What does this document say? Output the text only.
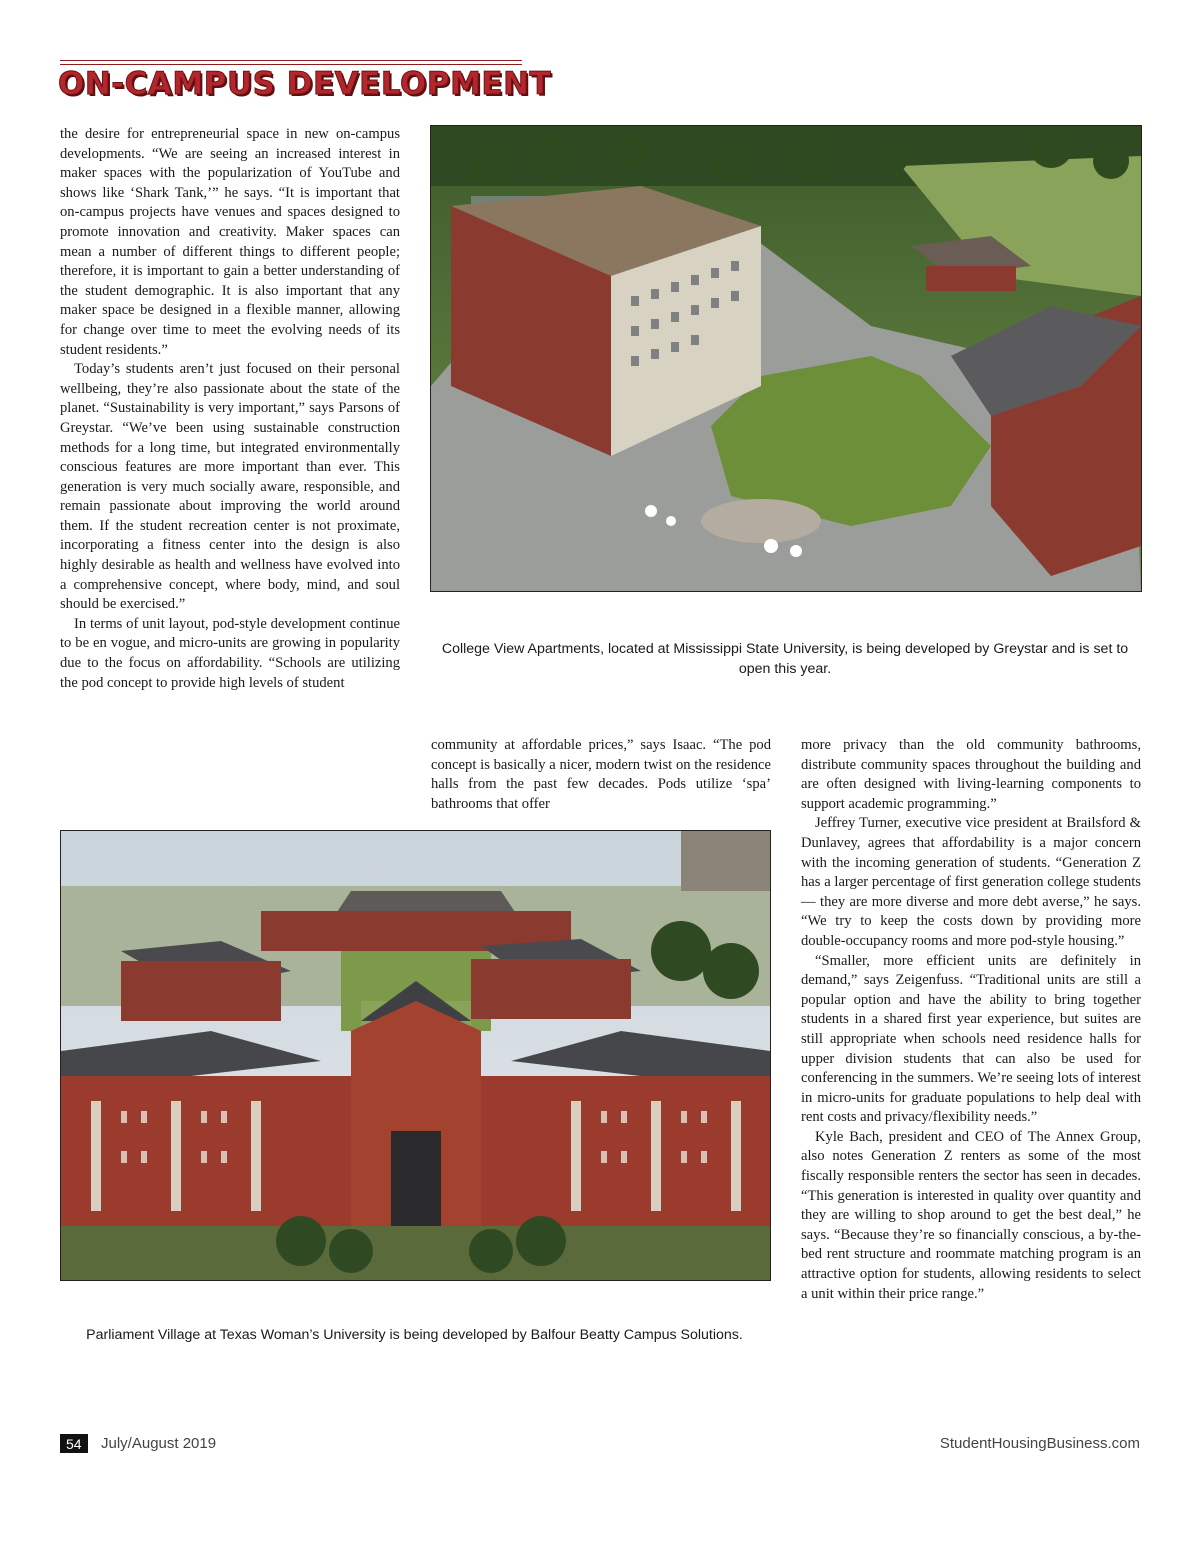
ON-CAMPUS DEVELOPMENT

the desire for entrepreneurial space in new on-campus developments. “We are seeing an increased interest in maker spaces with the popularization of YouTube and shows like ‘Shark Tank,’” he says. “It is important that on-campus projects have venues and spaces designed to promote innovation and creativity. Maker spaces can mean a number of different things to different people; therefore, it is important to gain a better understanding of the student demographic. It is also important that any maker space be designed in a flexible manner, allowing for change over time to meet the evolving needs of its student residents.”

Today’s students aren’t just focused on their personal wellbeing, they’re also passionate about the state of the planet. “Sustainability is very important,” says Parsons of Greystar. “We’ve been using sustainable construction methods for a long time, but integrated environmentally conscious features are more important than ever. This generation is very much socially aware, responsible, and remain passionate about improving the world around them. If the student recreation center is not proximate, incorporating a fitness center into the design is also highly desirable as health and wellness have evolved into a comprehensive concept, where body, mind, and soul should be exercised.”

In terms of unit layout, pod-style development continue to be en vogue, and micro-units are growing in popularity due to the focus on affordability. “Schools are utilizing the pod concept to provide high levels of student

College View Apartments, located at Mississippi State University, is being developed by Greystar and is set to open this year.

community at affordable prices,” says Isaac. “The pod concept is basically a nicer, modern twist on the residence halls from the past few decades. Pods utilize ‘spa’ bathrooms that offer

more privacy than the old community bathrooms, distribute community spaces throughout the building and are often designed with living-learning components to support academic programming.”

Jeffrey Turner, executive vice president at Brailsford & Dunlavey, agrees that affordability is a major concern with the incoming generation of students. “Generation Z has a larger percentage of first generation college students — they are more diverse and more debt averse,” he says. “We try to keep the costs down by providing more double-occupancy rooms and more pod-style housing.”

“Smaller, more efficient units are definitely in demand,” says Zeigenfuss. “Traditional units are still a popular option and have the ability to bring together students in a shared first year experience, but suites are still appropriate when schools need residence halls for upper division students that can also be used for conferencing in the summers. We’re seeing lots of interest in micro-units for graduate populations to help deal with rent costs and privacy/flexibility needs.”

Kyle Bach, president and CEO of The Annex Group, also notes Generation Z renters as some of the most fiscally responsible renters the sector has seen in decades. “This generation is interested in quality over quantity and they are willing to shop around to get the best deal,” he says. “Because they’re so financially conscious, a by-the-bed rent structure and roommate matching program is an attractive option for students, allowing residents to select a unit within their price range.”

Parliament Village at Texas Woman’s University is being developed by Balfour Beatty Campus Solutions.
54	July/August 2019	StudentHousingBusiness.com
